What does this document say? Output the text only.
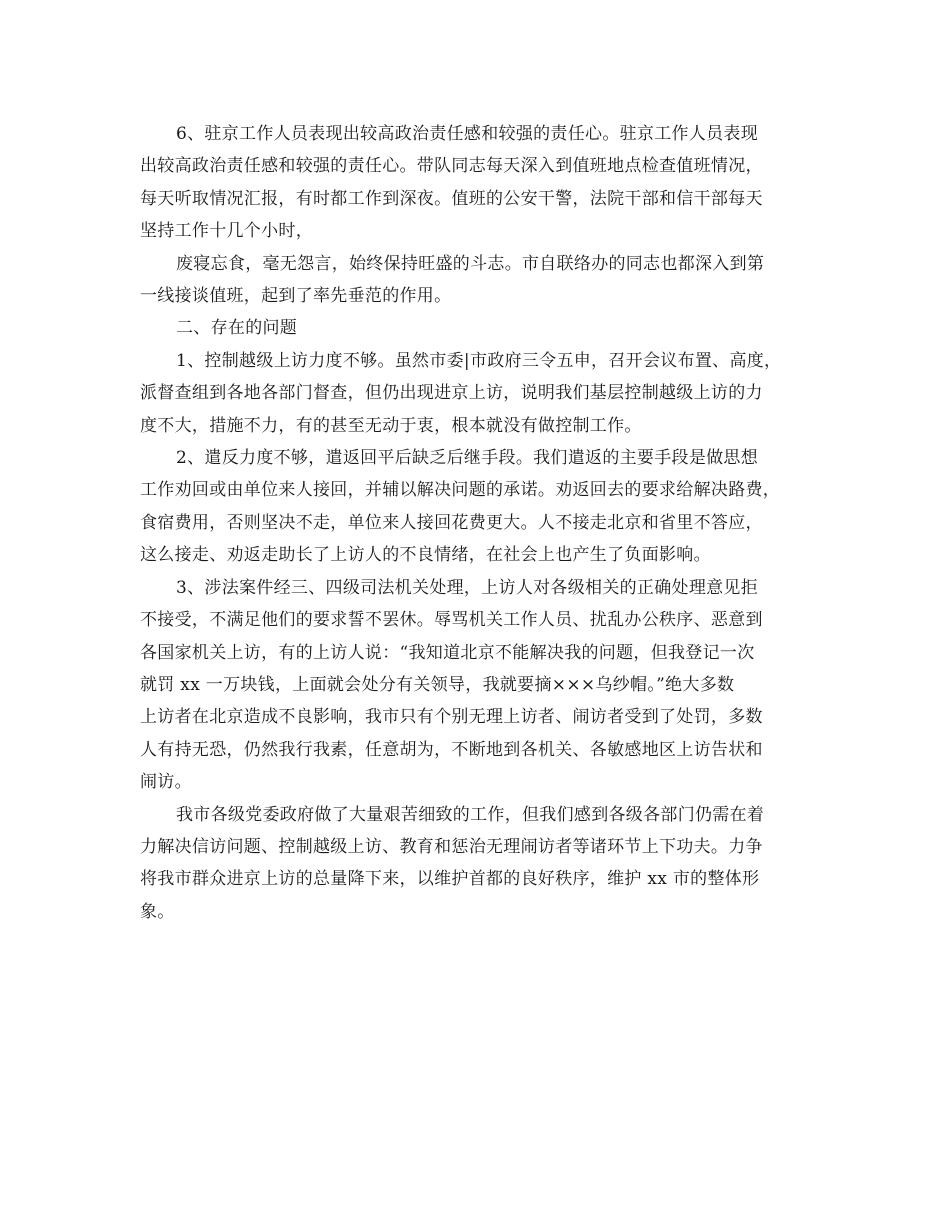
6、驻京工作人员表现出较高政治责任感和较强的责任心。驻京工作人员表现
出较高政治责任感和较强的责任心。带队同志每天深入到值班地点检查值班情况，
每天听取情况汇报，有时都工作到深夜。值班的公安干警，法院干部和信干部每天
坚持工作十几个小时，

废寝忘食，毫无怨言，始终保持旺盛的斗志。市自联络办的同志也都深入到第
一线接谈值班，起到了率先垂范的作用。

二、存在的问题

1、控制越级上访力度不够。虽然市委|市政府三令五申，召开会议布置、高度，
派督查组到各地各部门督查，但仍出现进京上访，说明我们基层控制越级上访的力
度不大，措施不力，有的甚至无动于衷，根本就没有做控制工作。

2、遣反力度不够，遣返回平后缺乏后继手段。我们遣返的主要手段是做思想
工作劝回或由单位来人接回，并辅以解决问题的承诺。劝返回去的要求给解决路费，
食宿费用，否则坚决不走，单位来人接回花费更大。人不接走北京和省里不答应，
这么接走、劝返走助长了上访人的不良情绪，在社会上也产生了负面影响。

3、涉法案件经三、四级司法机关处理，上访人对各级相关的正确处理意见拒
不接受，不满足他们的要求誓不罢休。辱骂机关工作人员、扰乱办公秩序、恶意到
各国家机关上访，有的上访人说：“我知道北京不能解决我的问题，但我登记一次
就罚 xx 一万块钱，上面就会处分有关领导，我就要摘×××乌纱帽。”绝大多数
上访者在北京造成不良影响，我市只有个别无理上访者、闹访者受到了处罚，多数
人有持无恐，仍然我行我素，任意胡为，不断地到各机关、各敏感地区上访告状和
闹访。

我市各级党委政府做了大量艰苦细致的工作，但我们感到各级各部门仍需在着
力解决信访问题、控制越级上访、教育和惩治无理闹访者等诸环节上下功夫。力争
将我市群众进京上访的总量降下来，以维护首都的良好秩序，维护 xx 市的整体形
象。
